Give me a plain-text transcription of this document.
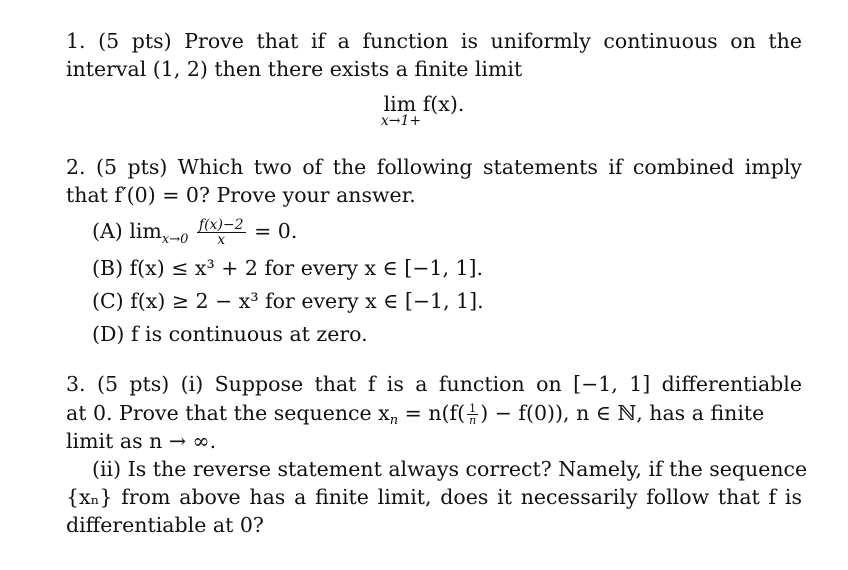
1. (5 pts) Prove that if a function is uniformly continuous on the
interval (1, 2) then there exists a finite limit
lim f(x).
x→1+
2. (5 pts) Which two of the following statements if combined imply
that f′(0) = 0? Prove your answer.
(A) $\lim_{x\to 0} \frac{f(x)-2}{x} = 0$.
(B) f(x) ≤ x³ + 2 for every x ∈ [−1, 1].
(C) f(x) ≥ 2 − x³ for every x ∈ [−1, 1].
(D) f is continuous at zero.
3. (5 pts) (i) Suppose that f is a function on [−1, 1] differentiable
at 0. Prove that the sequence xn = $n(f( \frac{1}{n}$ ) − f(0)), n ∈ ℕ, has a finite
limit as n → ∞.
(ii) Is the reverse statement always correct? Namely, if the sequence
{xₙ} from above has a finite limit, does it necessarily follow that f is
differentiable at 0?
